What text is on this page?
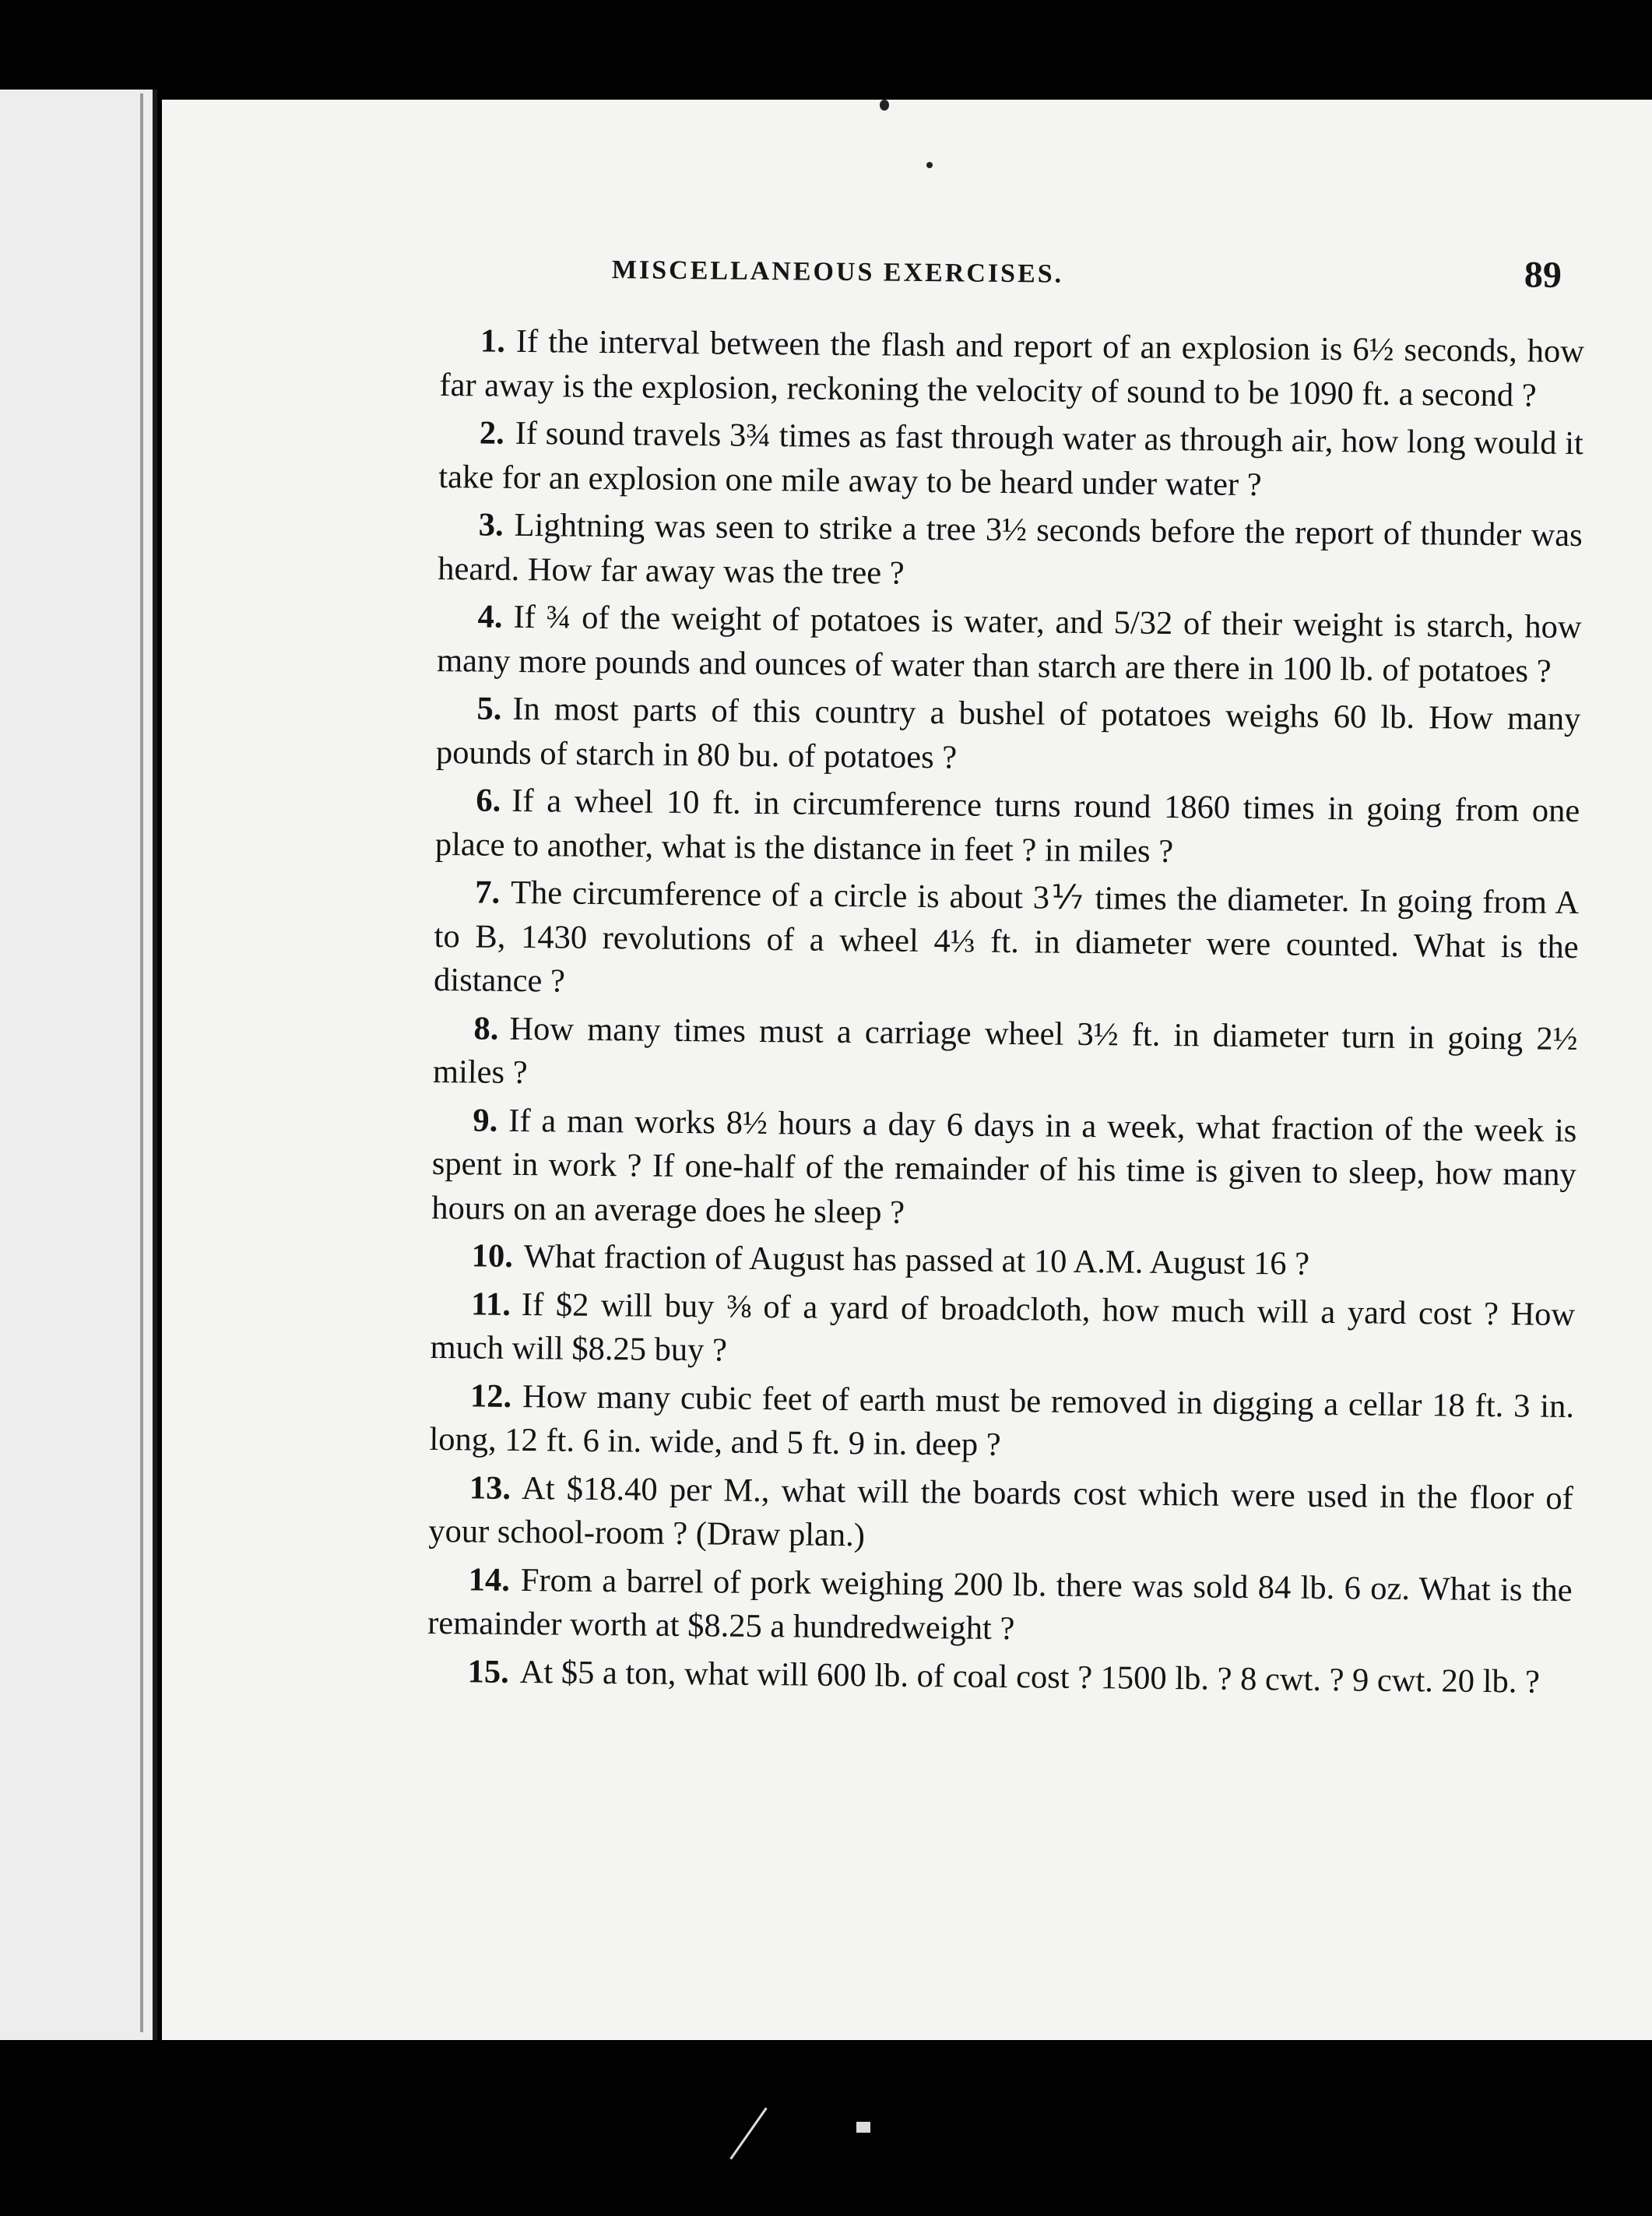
MISCELLANEOUS EXERCISES.	89

1. If the interval between the flash and report of an explosion is 6½ seconds, how far away is the explosion, reckoning the velocity of sound to be 1090 ft. a second ?

2. If sound travels 3¾ times as fast through water as through air, how long would it take for an explosion one mile away to be heard under water ?

3. Lightning was seen to strike a tree 3½ seconds before the report of thunder was heard. How far away was the tree ?

4. If ¾ of the weight of potatoes is water, and 5/32 of their weight is starch, how many more pounds and ounces of water than starch are there in 100 lb. of potatoes ?

5. In most parts of this country a bushel of potatoes weighs 60 lb. How many pounds of starch in 80 bu. of potatoes ?

6. If a wheel 10 ft. in circumference turns round 1860 times in going from one place to another, what is the distance in feet ? in miles ?

7. The circumference of a circle is about 3⅐ times the diameter. In going from A to B, 1430 revolutions of a wheel 4⅓ ft. in diameter were counted. What is the distance ?

8. How many times must a carriage wheel 3½ ft. in diameter turn in going 2½ miles ?

9. If a man works 8½ hours a day 6 days in a week, what fraction of the week is spent in work ? If one-half of the remainder of his time is given to sleep, how many hours on an average does he sleep ?

10. What fraction of August has passed at 10 A.M. August 16 ?

11. If $2 will buy ⅜ of a yard of broadcloth, how much will a yard cost ? How much will $8.25 buy ?

12. How many cubic feet of earth must be removed in digging a cellar 18 ft. 3 in. long, 12 ft. 6 in. wide, and 5 ft. 9 in. deep ?

13. At $18.40 per M., what will the boards cost which were used in the floor of your school-room ? (Draw plan.)

14. From a barrel of pork weighing 200 lb. there was sold 84 lb. 6 oz. What is the remainder worth at $8.25 a hundredweight ?

15. At $5 a ton, what will 600 lb. of coal cost ? 1500 lb. ? 8 cwt. ? 9 cwt. 20 lb. ?
